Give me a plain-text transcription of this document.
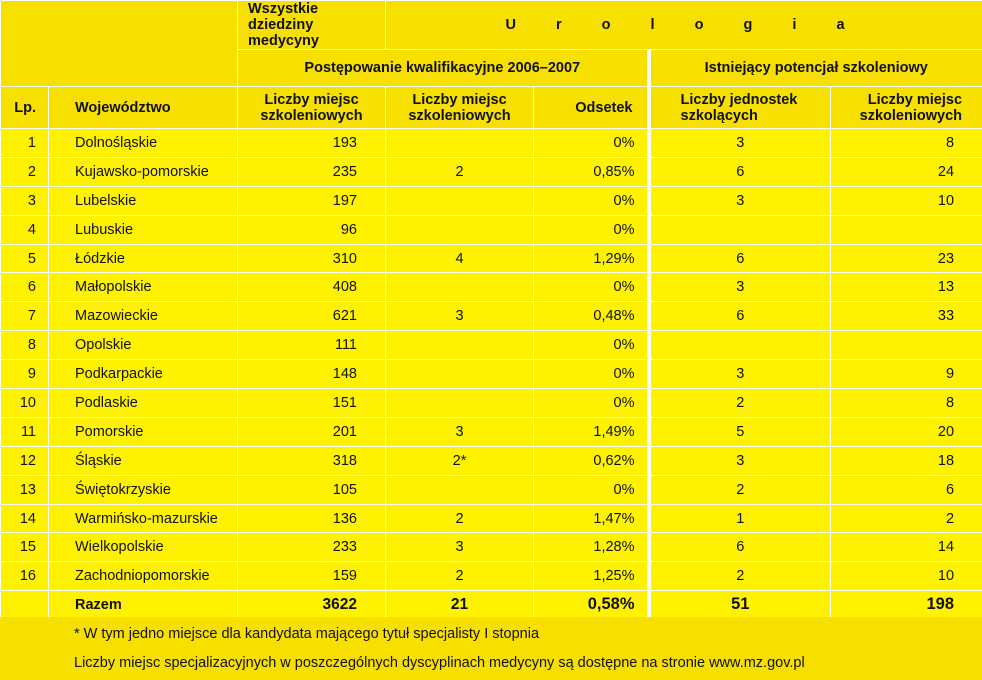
		Wszystkie dziedziny medycyny	U r o l o g i a			
		Postępowanie kwalifikacyjne 2006–2007			Istniejący potencjał szkoleniowy	
Lp.	Województwo	Liczby miejsc szkoleniowych	Liczby miejsc szkoleniowych	Odsetek	Liczby jednostek szkolących	Liczby miejsc szkoleniowych
1	Dolnośląskie	193		0%	3	8
2	Kujawsko-pomorskie	235	2	0,85%	6	24
3	Lubelskie	197		0%	3	10
4	Lubuskie	96		0%		
5	Łódzkie	310	4	1,29%	6	23
6	Małopolskie	408		0%	3	13
7	Mazowieckie	621	3	0,48%	6	33
8	Opolskie	111		0%		
9	Podkarpackie	148		0%	3	9
10	Podlaskie	151		0%	2	8
11	Pomorskie	201	3	1,49%	5	20
12	Śląskie	318	2*	0,62%	3	18
13	Świętokrzyskie	105		0%	2	6
14	Warmińsko-mazurskie	136	2	1,47%	1	2
15	Wielkopolskie	233	3	1,28%	6	14
16	Zachodniopomorskie	159	2	1,25%	2	10
	Razem	3622	21	0,58%	51	198
* W tym jedno miejsce dla kandydata mającego tytuł specjalisty I stopnia
Liczby miejsc specjalizacyjnych w poszczególnych dyscyplinach medycyny są dostępne na stronie www.mz.gov.pl
